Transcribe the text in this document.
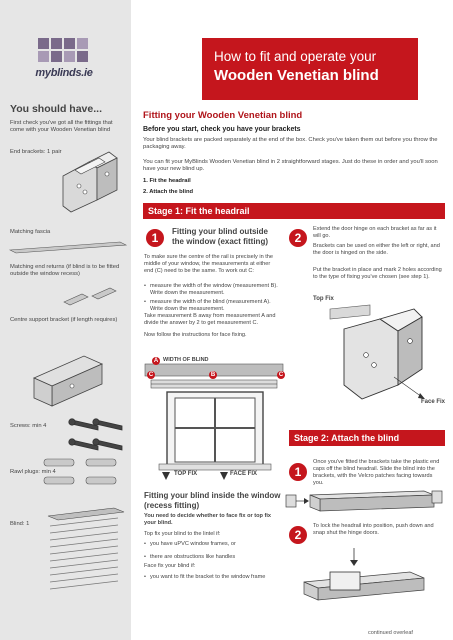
myblinds.ie
You should have...
First check you've got all the fittings that come with your Wooden Venetian blind
End brackets: 1 pair
Matching fascia
Matching end returns (if blind is to be fitted outside the window recess)
Centre support bracket (if length requires)
Screws: min 4
Rawl plugs: min 4
Blind: 1
How to fit and operate your
Wooden Venetian blind
Fitting your Wooden Venetian blind
Before you start, check you have your brackets
Your blind brackets are packed separately at the end of the box. Check you've taken them out before you throw the packaging away.
You can fit your MyBlinds Wooden Venetian blind in 2 straightforward stages. Just do these in order and you'll soon have your new blind up.
1. Fit the headrail
2. Attach the blind
Stage 1: Fit the headrail
1	Fitting your blind outside the window (exact fitting)
To make sure the centre of the rail is precisely in the middle of your window, the measurements at either end (C) need to be the same. To work out C:
• measure the width of the window (measurement B). Write down the measurement.
• measure the width of the blind (measurement A). Write down the measurement.
Take measurement B away from measurement A and divide the answer by 2 to get measurement C.
Now follow the instructions for face fixing.
2
Extend the door hinge on each bracket as far as it will go.
Brackets can be used on either the left or right, and the door is hinged on the side.
Put the bracket in place and mark 2 holes according to the type of fixing you've chosen (see step 1).
Top Fix
Face Fix
A WIDTH OF BLIND
C	B	C
TOP FIX	FACE FIX
Fitting your blind inside the window (recess fitting)
You need to decide whether to face fix or top fix your blind.
Top fix your blind to the lintel if:
• you have uPVC window frames, or
• there are obstructions like handles
Face fix your blind if:
• you want to fit the bracket to the window frame
Stage 2: Attach the blind
1
Once you've fitted the brackets take the plastic end caps off the blind headrail. Slide the blind into the brackets, with the Velcro patches facing towards you.
2
To lock the headrail into position, push down and snap shut the hinge doors.
continued overleaf
